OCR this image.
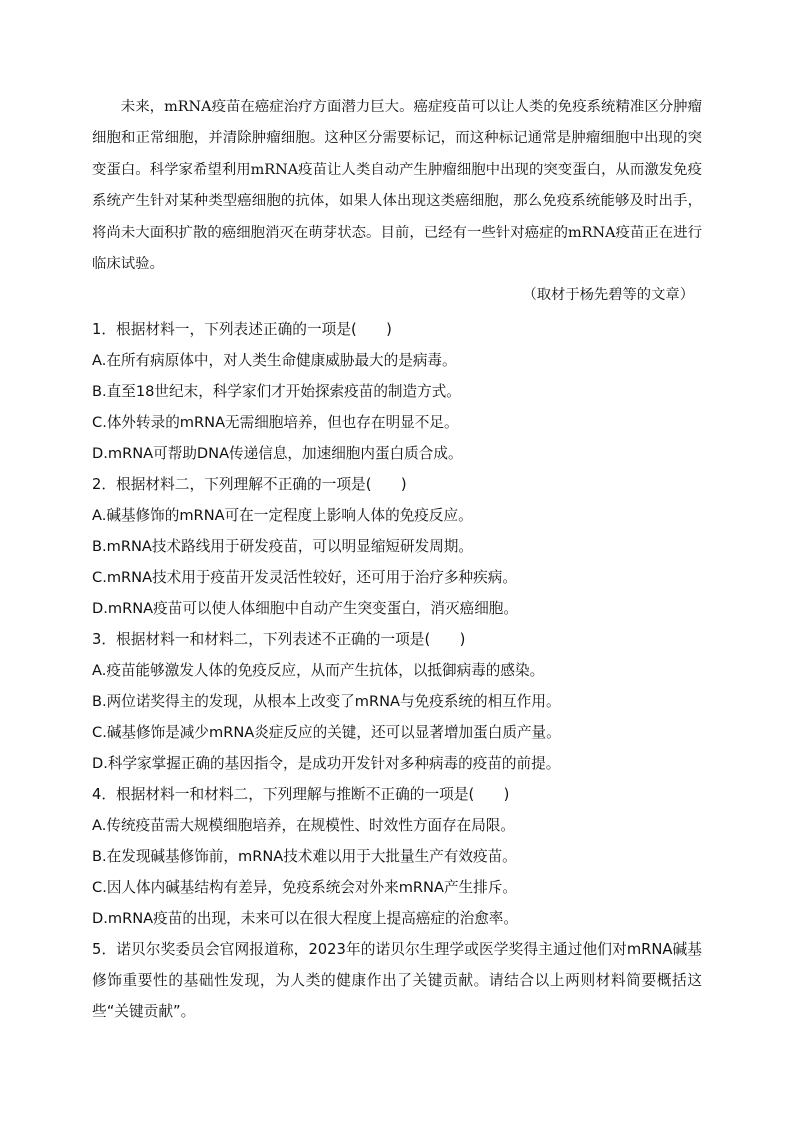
未来，mRNA疫苗在癌症治疗方面潜力巨大。癌症疫苗可以让人类的免疫系统精准区分肿瘤细胞和正常细胞，并清除肿瘤细胞。这种区分需要标记，而这种标记通常是肿瘤细胞中出现的突变蛋白。科学家希望利用mRNA疫苗让人类自动产生肿瘤细胞中出现的突变蛋白，从而激发免疫系统产生针对某种类型癌细胞的抗体，如果人体出现这类癌细胞，那么免疫系统能够及时出手，将尚未大面积扩散的癌细胞消灭在萌芽状态。目前，已经有一些针对癌症的mRNA疫苗正在进行临床试验。

（取材于杨先碧等的文章）

1．根据材料一，下列表述正确的一项是(　　)

A.在所有病原体中，对人类生命健康威胁最大的是病毒。

B.直至18世纪末，科学家们才开始探索疫苗的制造方式。

C.体外转录的mRNA无需细胞培养，但也存在明显不足。

D.mRNA可帮助DNA传递信息，加速细胞内蛋白质合成。

2．根据材料二，下列理解不正确的一项是(　　)

A.碱基修饰的mRNA可在一定程度上影响人体的免疫反应。

B.mRNA技术路线用于研发疫苗，可以明显缩短研发周期。

C.mRNA技术用于疫苗开发灵活性较好，还可用于治疗多种疾病。

D.mRNA疫苗可以使人体细胞中自动产生突变蛋白，消灭癌细胞。

3．根据材料一和材料二，下列表述不正确的一项是(　　)

A.疫苗能够激发人体的免疫反应，从而产生抗体，以抵御病毒的感染。

B.两位诺奖得主的发现，从根本上改变了mRNA与免疫系统的相互作用。

C.碱基修饰是减少mRNA炎症反应的关键，还可以显著增加蛋白质产量。

D.科学家掌握正确的基因指令，是成功开发针对多种病毒的疫苗的前提。

4．根据材料一和材料二，下列理解与推断不正确的一项是(　　)

A.传统疫苗需大规模细胞培养，在规模性、时效性方面存在局限。

B.在发现碱基修饰前，mRNA技术难以用于大批量生产有效疫苗。

C.因人体内碱基结构有差异，免疫系统会对外来mRNA产生排斥。

D.mRNA疫苗的出现，未来可以在很大程度上提高癌症的治愈率。

5．诺贝尔奖委员会官网报道称，2023年的诺贝尔生理学或医学奖得主通过他们对mRNA碱基修饰重要性的基础性发现，为人类的健康作出了关键贡献。请结合以上两则材料简要概括这些“关键贡献”。
